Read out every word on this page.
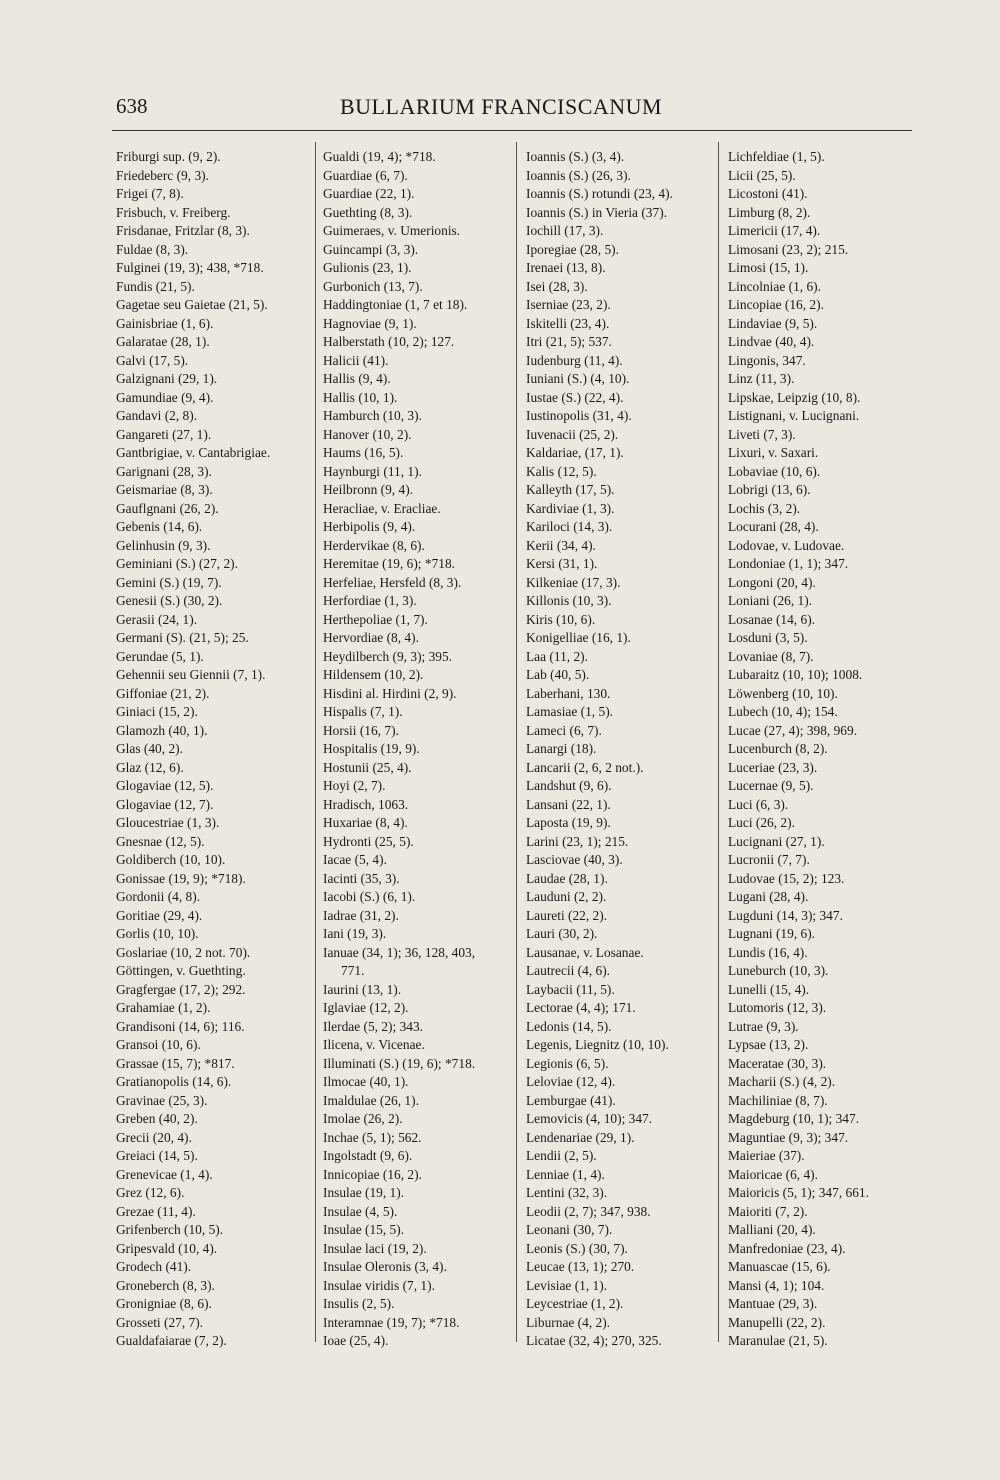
638	BULLARIUM FRANCISCANUM
Friburgi sup. (9, 2).
Friedeberc (9, 3).
Frigei (7, 8).
Frisbuch, v. Freiberg.
Frisdanae, Fritzlar (8, 3).
Fuldae (8, 3).
Fulginei (19, 3); 438, *718.
Fundis (21, 5).
Gagetae seu Gaietae (21, 5).
Gainisbriae (1, 6).
Galaratae (28, 1).
Galvi (17, 5).
Galzignani (29, 1).
Gamundiae (9, 4).
Gandavi (2, 8).
Gangareti (27, 1).
Gantbrigiae, v. Cantabrigiae.
Garignani (28, 3).
Geismariae (8, 3).
Gauflgnani (26, 2).
Gebenis (14, 6).
Gelinhusin (9, 3).
Geminiani (S.) (27, 2).
Gemini (S.) (19, 7).
Genesii (S.) (30, 2).
Gerasii (24, 1).
Germani (S). (21, 5); 25.
Gerundae (5, 1).
Gehennii seu Giennii (7, 1).
Giffoniae (21, 2).
Giniaci (15, 2).
Glamozh (40, 1).
Glas (40, 2).
Glaz (12, 6).
Glogaviae (12, 5).
Glogaviae (12, 7).
Gloucestriae (1, 3).
Gnesnae (12, 5).
Goldiberch (10, 10).
Gonissae (19, 9); *718).
Gordonii (4, 8).
Goritiae (29, 4).
Gorlis (10, 10).
Goslariae (10, 2 not. 70).
Göttingen, v. Guethting.
Gragfergae (17, 2); 292.
Grahamiae (1, 2).
Grandisoni (14, 6); 116.
Gransoi (10, 6).
Grassae (15, 7); *817.
Gratianopolis (14, 6).
Gravinae (25, 3).
Greben (40, 2).
Grecii (20, 4).
Greiaci (14, 5).
Grenevicae (1, 4).
Grez (12, 6).
Grezae (11, 4).
Grifenberch (10, 5).
Gripesvald (10, 4).
Grodech (41).
Groneberch (8, 3).
Gronigniae (8, 6).
Grosseti (27, 7).
Gualdafaiarae (7, 2).
Gualdi (19, 4); *718.
Guardiae (6, 7).
Guardiae (22, 1).
Guethting (8, 3).
Guimeraes, v. Umerionis.
Guincampi (3, 3).
Gulionis (23, 1).
Gurbonich (13, 7).
Haddingtoniae (1, 7 et 18).
Hagnoviae (9, 1).
Halberstath (10, 2); 127.
Halicii (41).
Hallis (9, 4).
Hallis (10, 1).
Hamburch (10, 3).
Hanover (10, 2).
Haums (16, 5).
Haynburgi (11, 1).
Heilbronn (9, 4).
Heracliae, v. Eracliae.
Herbipolis (9, 4).
Herdervikae (8, 6).
Heremitae (19, 6); *718.
Herfeliae, Hersfeld (8, 3).
Herfordiae (1, 3).
Herthepoliae (1, 7).
Hervordiae (8, 4).
Heydilberch (9, 3); 395.
Hildensem (10, 2).
Hisdini al. Hirdini (2, 9).
Hispalis (7, 1).
Horsii (16, 7).
Hospitalis (19, 9).
Hostunii (25, 4).
Hoyi (2, 7).
Hradisch, 1063.
Huxariae (8, 4).
Hydronti (25, 5).
Iacae (5, 4).
Iacinti (35, 3).
Iacobi (S.) (6, 1).
Iadrae (31, 2).
Iani (19, 3).
Ianuae (34, 1); 36, 128, 403,
771.
Iaurini (13, 1).
Iglaviae (12, 2).
Ilerdae (5, 2); 343.
Ilicena, v. Vicenae.
Illuminati (S.) (19, 6); *718.
Ilmocae (40, 1).
Imaldulae (26, 1).
Imolae (26, 2).
Inchae (5, 1); 562.
Ingolstadt (9, 6).
Innicopiae (16, 2).
Insulae (19, 1).
Insulae (4, 5).
Insulae (15, 5).
Insulae laci (19, 2).
Insulae Oleronis (3, 4).
Insulae viridis (7, 1).
Insulis (2, 5).
Interamnae (19, 7); *718.
Ioae (25, 4).
Ioannis (S.) (3, 4).
Ioannis (S.) (26, 3).
Ioannis (S.) rotundi (23, 4).
Ioannis (S.) in Vieria (37).
Iochill (17, 3).
Iporegiae (28, 5).
Irenaei (13, 8).
Isei (28, 3).
Iserniae (23, 2).
Iskitelli (23, 4).
Itri (21, 5); 537.
Iudenburg (11, 4).
Iuniani (S.) (4, 10).
Iustae (S.) (22, 4).
Iustinopolis (31, 4).
Iuvenacii (25, 2).
Kaldariae, (17, 1).
Kalis (12, 5).
Kalleyth (17, 5).
Kardiviae (1, 3).
Kariloci (14, 3).
Kerii (34, 4).
Kersi (31, 1).
Kilkeniae (17, 3).
Killonis (10, 3).
Kiris (10, 6).
Konigelliae (16, 1).
Laa (11, 2).
Lab (40, 5).
Laberhani, 130.
Lamasiae (1, 5).
Lameci (6, 7).
Lanargi (18).
Lancarii (2, 6, 2 not.).
Landshut (9, 6).
Lansani (22, 1).
Laposta (19, 9).
Larini (23, 1); 215.
Lasciovae (40, 3).
Laudae (28, 1).
Lauduni (2, 2).
Laureti (22, 2).
Lauri (30, 2).
Lausanae, v. Losanae.
Lautrecii (4, 6).
Laybacii (11, 5).
Lectorae (4, 4); 171.
Ledonis (14, 5).
Legenis, Liegnitz (10, 10).
Legionis (6, 5).
Leloviae (12, 4).
Lemburgae (41).
Lemovicis (4, 10); 347.
Lendenariae (29, 1).
Lendii (2, 5).
Lenniae (1, 4).
Lentini (32, 3).
Leodii (2, 7); 347, 938.
Leonani (30, 7).
Leonis (S.) (30, 7).
Leucae (13, 1); 270.
Levisiae (1, 1).
Leycestriae (1, 2).
Liburnae (4, 2).
Licatae (32, 4); 270, 325.
Lichfeldiae (1, 5).
Licii (25, 5).
Licostoni (41).
Limburg (8, 2).
Limericii (17, 4).
Limosani (23, 2); 215.
Limosi (15, 1).
Lincolniae (1, 6).
Lincopiae (16, 2).
Lindaviae (9, 5).
Lindvae (40, 4).
Lingonis, 347.
Linz (11, 3).
Lipskae, Leipzig (10, 8).
Listignani, v. Lucignani.
Liveti (7, 3).
Lixuri, v. Saxari.
Lobaviae (10, 6).
Lobrigi (13, 6).
Lochis (3, 2).
Locurani (28, 4).
Lodovae, v. Ludovae.
Londoniae (1, 1); 347.
Longoni (20, 4).
Loniani (26, 1).
Losanae (14, 6).
Losduni (3, 5).
Lovaniae (8, 7).
Lubaraitz (10, 10); 1008.
Löwenberg (10, 10).
Lubech (10, 4); 154.
Lucae (27, 4); 398, 969.
Lucenburch (8, 2).
Luceriae (23, 3).
Lucernae (9, 5).
Luci (6, 3).
Luci (26, 2).
Lucignani (27, 1).
Lucronii (7, 7).
Ludovae (15, 2); 123.
Lugani (28, 4).
Lugduni (14, 3); 347.
Lugnani (19, 6).
Lundis (16, 4).
Luneburch (10, 3).
Lunelli (15, 4).
Lutomoris (12, 3).
Lutrae (9, 3).
Lypsae (13, 2).
Maceratae (30, 3).
Macharii (S.) (4, 2).
Machiliniae (8, 7).
Magdeburg (10, 1); 347.
Maguntiae (9, 3); 347.
Maieriae (37).
Maioricae (6, 4).
Maioricis (5, 1); 347, 661.
Maioriti (7, 2).
Malliani (20, 4).
Manfredoniae (23, 4).
Manuascae (15, 6).
Mansi (4, 1); 104.
Mantuae (29, 3).
Manupelli (22, 2).
Maranulae (21, 5).
